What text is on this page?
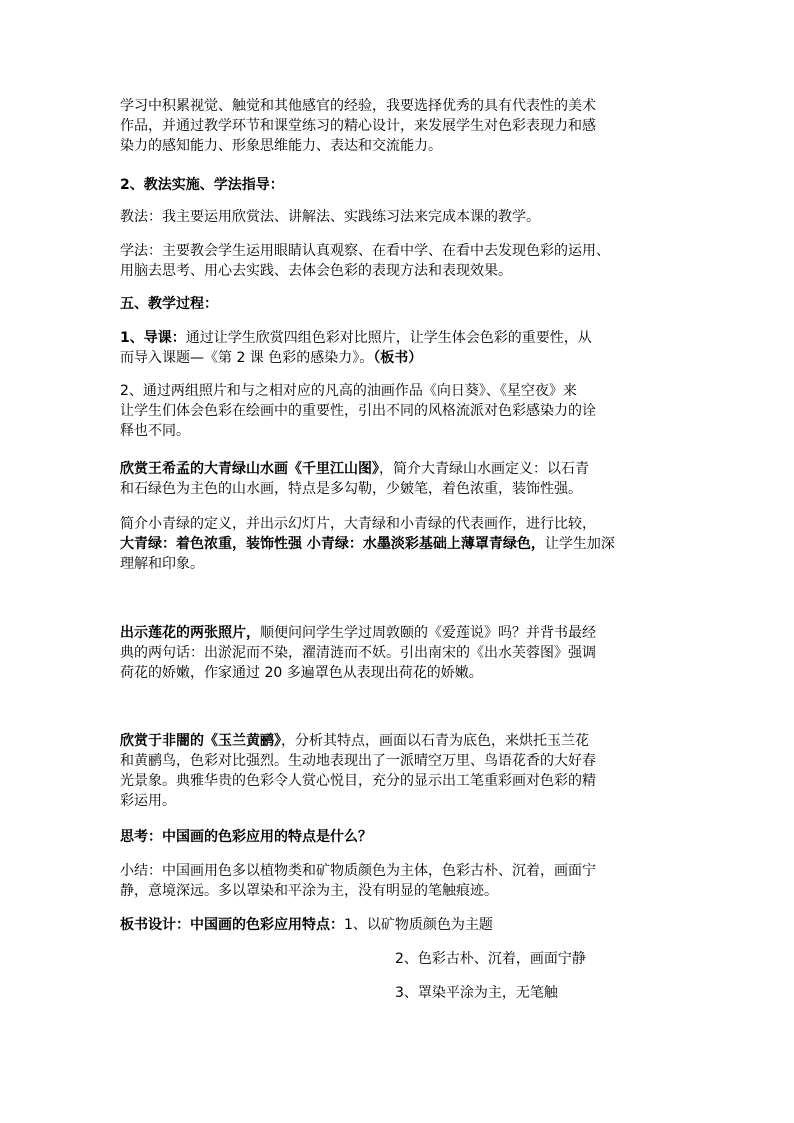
学习中积累视觉、触觉和其他感官的经验，我要选择优秀的具有代表性的美术
作品，并通过教学环节和课堂练习的精心设计，来发展学生对色彩表现力和感
染力的感知能力、形象思维能力、表达和交流能力。

2、教法实施、学法指导：

教法：我主要运用欣赏法、讲解法、实践练习法来完成本课的教学。

学法：主要教会学生运用眼睛认真观察、在看中学、在看中去发现色彩的运用、
用脑去思考、用心去实践、去体会色彩的表现方法和表现效果。

五、教学过程：

1、导课：通过让学生欣赏四组色彩对比照片，让学生体会色彩的重要性，从
而导入课题—《第 2 课 色彩的感染力》。（板书）

2、通过两组照片和与之相对应的凡高的油画作品《向日葵》、《星空夜》来
让学生们体会色彩在绘画中的重要性，引出不同的风格流派对色彩感染力的诠
释也不同。

欣赏王希孟的大青绿山水画《千里江山图》，简介大青绿山水画定义：以石青
和石绿色为主色的山水画，特点是多勾勒，少皴笔，着色浓重，装饰性强。

简介小青绿的定义，并出示幻灯片，大青绿和小青绿的代表画作，进行比较，
大青绿：着色浓重，装饰性强 小青绿：水墨淡彩基础上薄罩青绿色，让学生加深
理解和印象。

出示莲花的两张照片，顺便问问学生学过周敦颐的《爱莲说》吗？并背书最经
典的两句话：出淤泥而不染，濯清涟而不妖。引出南宋的《出水芙蓉图》强调
荷花的娇嫩，作家通过 20 多遍罩色从表现出荷花的娇嫩。

欣赏于非闇的《玉兰黄鹂》，分析其特点，画面以石青为底色，来烘托玉兰花
和黄鹂鸟，色彩对比强烈。生动地表现出了一派晴空万里、鸟语花香的大好春
光景象。典雅华贵的色彩令人赏心悦目，充分的显示出工笔重彩画对色彩的精
彩运用。

思考：中国画的色彩应用的特点是什么？

小结：中国画用色多以植物类和矿物质颜色为主体，色彩古朴、沉着，画面宁
静，意境深远。多以罩染和平涂为主，没有明显的笔触痕迹。

板书设计：中国画的色彩应用特点：1、以矿物质颜色为主题

2、色彩古朴、沉着，画面宁静

3、罩染平涂为主，无笔触
